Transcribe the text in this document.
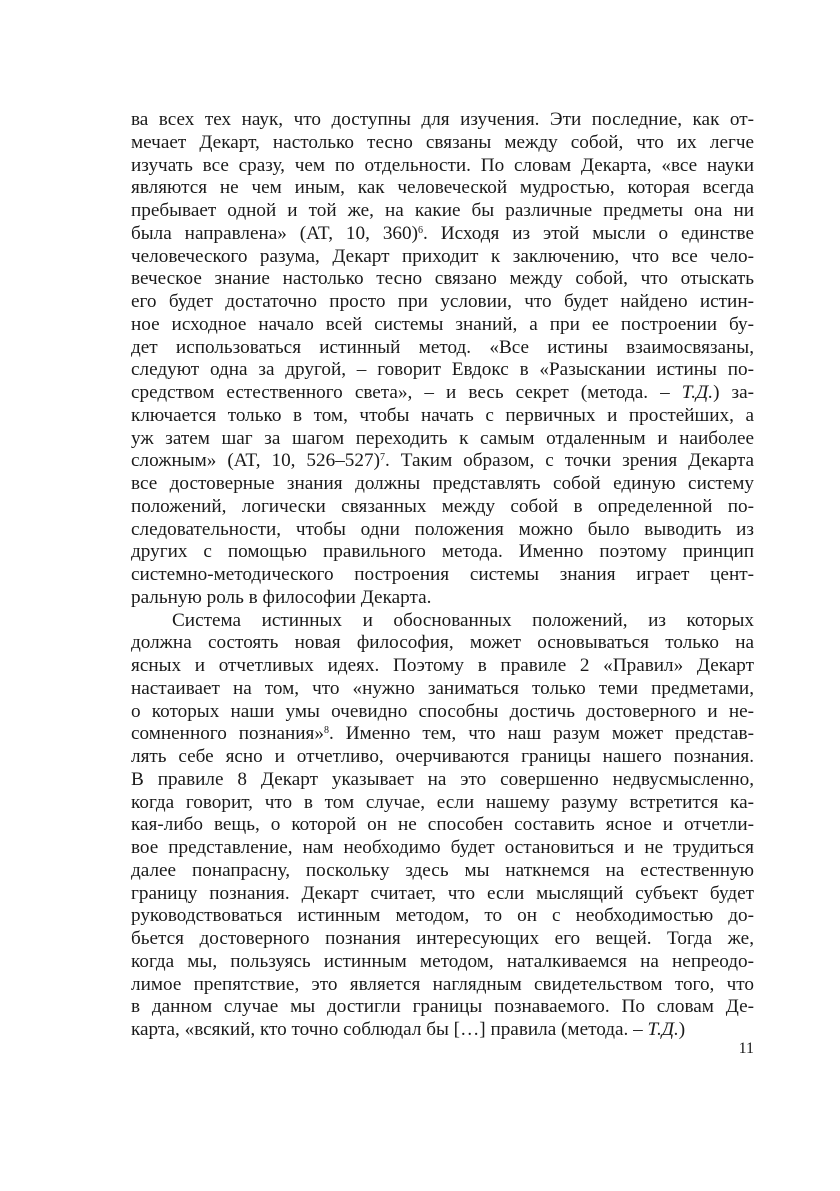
ва всех тех наук, что доступны для изучения. Эти последние, как от-
мечает Декарт, настолько тесно связаны между собой, что их легче
изучать все сразу, чем по отдельности. По словам Декарта, «все науки
являются не чем иным, как человеческой мудростью, которая всегда
пребывает одной и той же, на какие бы различные предметы она ни
была направлена» (AT, 10, 360)$^6$. Исходя из этой мысли о единстве
человеческого разума, Декарт приходит к заключению, что все чело-
веческое знание настолько тесно связано между собой, что отыскать
его будет достаточно просто при условии, что будет найдено истин-
ное исходное начало всей системы знаний, а при ее построении бу-
дет использоваться истинный метод. «Все истины взаимосвязаны,
следуют одна за другой, – говорит Евдокс в «Разыскании истины по-
средством естественного света», – и весь секрет (метода. – Т.Д.) за-
ключается только в том, чтобы начать с первичных и простейших, а
уж затем шаг за шагом переходить к самым отдаленным и наиболее
сложным» (AT, 10, 526–527)$^7$. Таким образом, с точки зрения Декарта
все достоверные знания должны представлять собой единую систему
положений, логически связанных между собой в определенной по-
следовательности, чтобы одни положения можно было выводить из
других с помощью правильного метода. Именно поэтому принцип
системно-методического построения системы знания играет цент-
ральную роль в философии Декарта.
Система истинных и обоснованных положений, из которых
должна состоять новая философия, может основываться только на
ясных и отчетливых идеях. Поэтому в правиле 2 «Правил» Декарт
настаивает на том, что «нужно заниматься только теми предметами,
о которых наши умы очевидно способны достичь достоверного и не-
сомненного познания»$^8$. Именно тем, что наш разум может представ-
лять себе ясно и отчетливо, очерчиваются границы нашего познания.
В правиле 8 Декарт указывает на это совершенно недвусмысленно,
когда говорит, что в том случае, если нашему разуму встретится ка-
кая-либо вещь, о которой он не способен составить ясное и отчетли-
вое представление, нам необходимо будет остановиться и не трудиться
далее понапрасну, поскольку здесь мы наткнемся на естественную
границу познания. Декарт считает, что если мыслящий субъект будет
руководствоваться истинным методом, то он с необходимостью до-
бьется достоверного познания интересующих его вещей. Тогда же,
когда мы, пользуясь истинным методом, наталкиваемся на непреодо-
лимое препятствие, это является наглядным свидетельством того, что
в данном случае мы достигли границы познаваемого. По словам Де-
карта, «всякий, кто точно соблюдал бы […] правила (метода. – Т.Д.)
11
